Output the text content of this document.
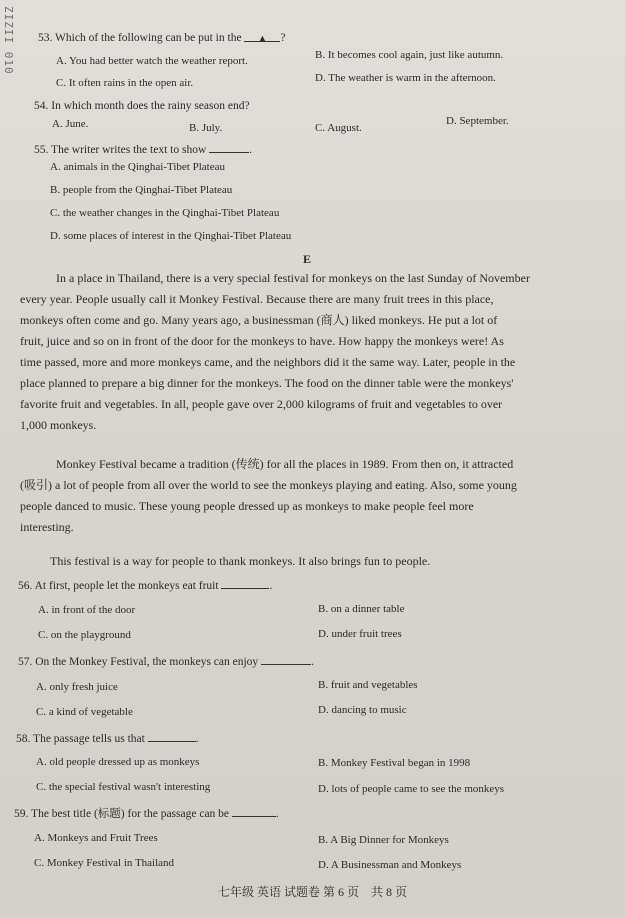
ZIZII 010 53. Which of the following can be put in the ▲ ?
A. You had better watch the weather report.	B. It becomes cool again, just like autumn.
C. It often rains in the open air.	D. The weather is warm in the afternoon.
54. In which month does the rainy season end?
A. June.	B. July.	C. August.
D. September.
55. The writer writes the text to show	.
A. animals in the Qinghai-Tibet Plateau
B. people from the Qinghai-Tibet Plateau
C. the weather changes in the Qinghai-Tibet Plateau
D. some places of interest in the Qinghai-Tibet Plateau
E
In a place in Thailand, there is a very special festival for monkeys on the last Sunday of November
every year. People usually call it Monkey Festival. Because there are many fruit trees in this place,
monkeys often come and go. Many years ago, a businessman (商人) liked monkeys. He put a lot of
fruit, juice and so on in front of the door for the monkeys to have. How happy the monkeys were! As
time passed, more and more monkeys came, and the neighbors did it the same way. Later, people in the
place planned to prepare a big dinner for the monkeys. The food on the dinner table were the monkeys'
favorite fruit and vegetables. In all, people gave over 2,000 kilograms of fruit and vegetables to over
1,000 monkeys.
Monkey Festival became a tradition (传统) for all the places in 1989. From then on, it attracted
(吸引) a lot of people from all over the world to see the monkeys playing and eating. Also, some young
people danced to music. These young people dressed up as monkeys to make people feel more
interesting.
This festival is a way for people to thank monkeys. It also brings fun to people.
56. At first, people let the monkeys eat fruit	.
A. in front of the door	B. on a dinner table
C. on the playground	D. under fruit trees
57. On the Monkey Festival, the monkeys can enjoy	.
A. only fresh juice	B. fruit and vegetables
C. a kind of vegetable	D. dancing to music
58. The passage tells us that	.
A. old people dressed up as monkeys	B. Monkey Festival began in 1998
C. the special festival wasn't interesting	D. lots of people came to see the monkeys
59. The best title (标题) for the passage can be	.
A. Monkeys and Fruit Trees	B. A Big Dinner for Monkeys
C. Monkey Festival in Thailand	D. A Businessman and Monkeys
七年级 英语 试题卷 第 6 页　共 8 页
